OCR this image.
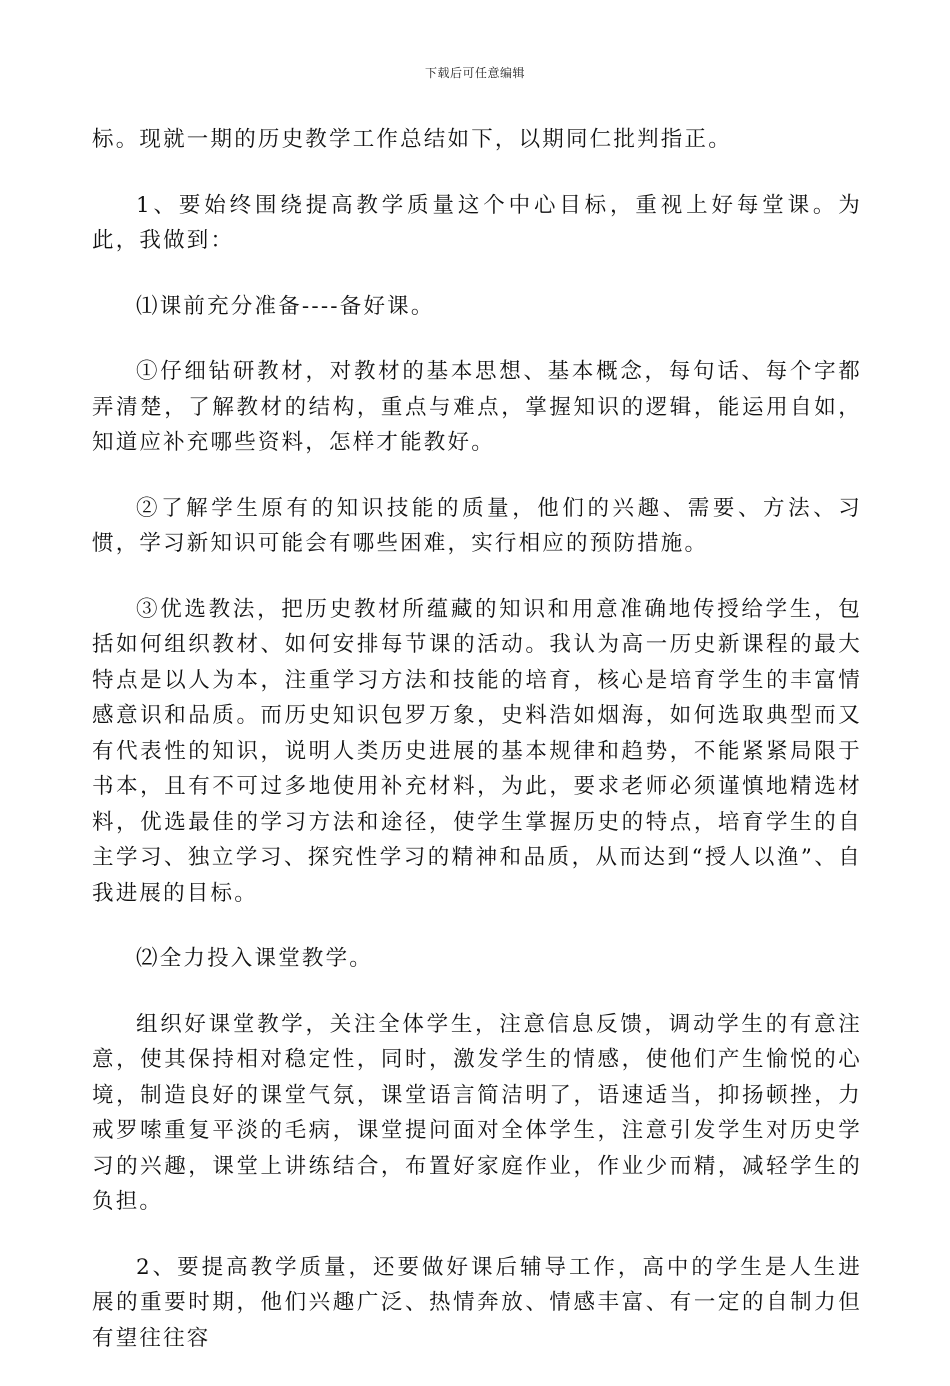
下载后可任意编辑

标。现就一期的历史教学工作总结如下，以期同仁批判指正。

1、要始终围绕提高教学质量这个中心目标，重视上好每堂课。为此，我做到：

⑴课前充分准备----备好课。

①仔细钻研教材，对教材的基本思想、基本概念，每句话、每个字都弄清楚，了解教材的结构，重点与难点，掌握知识的逻辑，能运用自如，知道应补充哪些资料，怎样才能教好。

②了解学生原有的知识技能的质量，他们的兴趣、需要、方法、习惯，学习新知识可能会有哪些困难，实行相应的预防措施。

③优选教法，把历史教材所蕴藏的知识和用意准确地传授给学生，包括如何组织教材、如何安排每节课的活动。我认为高一历史新课程的最大特点是以人为本，注重学习方法和技能的培育，核心是培育学生的丰富情感意识和品质。而历史知识包罗万象，史料浩如烟海，如何选取典型而又有代表性的知识，说明人类历史进展的基本规律和趋势，不能紧紧局限于书本，且有不可过多地使用补充材料，为此，要求老师必须谨慎地精选材料，优选最佳的学习方法和途径，使学生掌握历史的特点，培育学生的自主学习、独立学习、探究性学习的精神和品质，从而达到“授人以渔”、自我进展的目标。

⑵全力投入课堂教学。

组织好课堂教学，关注全体学生，注意信息反馈，调动学生的有意注意，使其保持相对稳定性，同时，激发学生的情感，使他们产生愉悦的心境，制造良好的课堂气氛，课堂语言简洁明了，语速适当，抑扬顿挫，力戒罗嗦重复平淡的毛病，课堂提问面对全体学生，注意引发学生对历史学习的兴趣，课堂上讲练结合，布置好家庭作业，作业少而精，减轻学生的负担。

2、要提高教学质量，还要做好课后辅导工作，高中的学生是人生进展的重要时期，他们兴趣广泛、热情奔放、情感丰富、有一定的自制力但有望往往容
